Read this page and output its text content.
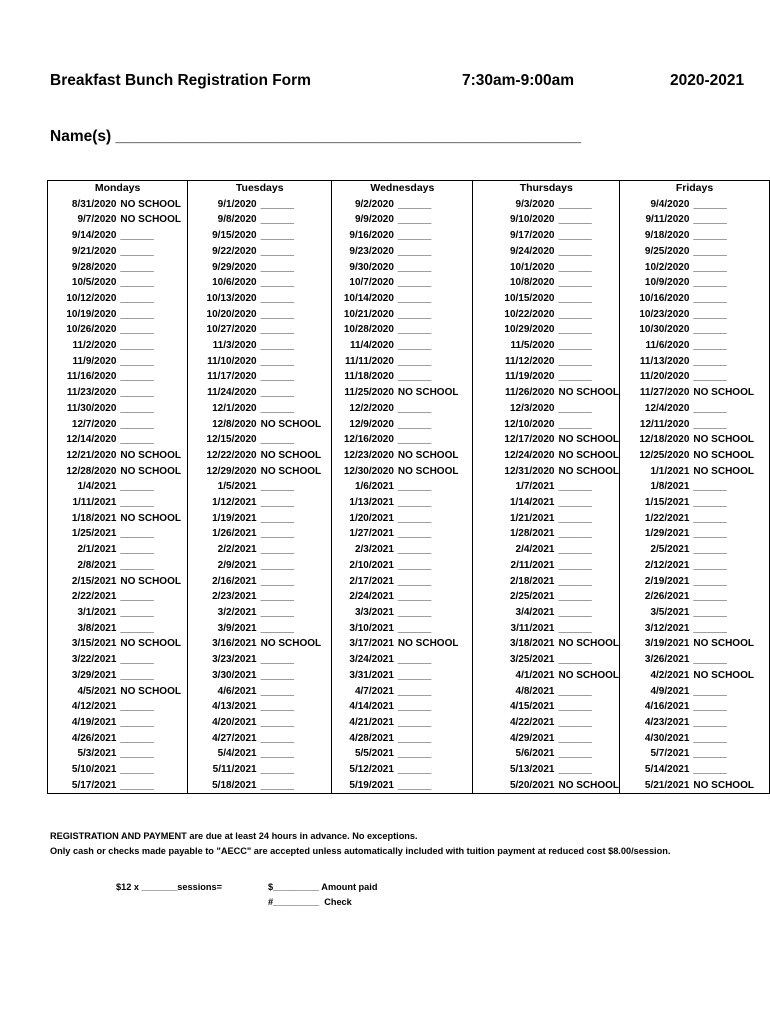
Breakfast Bunch Registration Form	7:30am-9:00am	2020-2021
Name(s) ______________________________________________________
Mondays		Tuesdays		Wednesdays		Thursdays		Fridays	
8/31/2020	NO SCHOOL	9/1/2020	______	9/2/2020	______	9/3/2020	______	9/4/2020	______
9/7/2020	NO SCHOOL	9/8/2020	______	9/9/2020	______	9/10/2020	______	9/11/2020	______
9/14/2020	______	9/15/2020	______	9/16/2020	______	9/17/2020	______	9/18/2020	______
9/21/2020	______	9/22/2020	______	9/23/2020	______	9/24/2020	______	9/25/2020	______
9/28/2020	______	9/29/2020	______	9/30/2020	______	10/1/2020	______	10/2/2020	______
10/5/2020	______	10/6/2020	______	10/7/2020	______	10/8/2020	______	10/9/2020	______
10/12/2020	______	10/13/2020	______	10/14/2020	______	10/15/2020	______	10/16/2020	______
10/19/2020	______	10/20/2020	______	10/21/2020	______	10/22/2020	______	10/23/2020	______
10/26/2020	______	10/27/2020	______	10/28/2020	______	10/29/2020	______	10/30/2020	______
11/2/2020	______	11/3/2020	______	11/4/2020	______	11/5/2020	______	11/6/2020	______
11/9/2020	______	11/10/2020	______	11/11/2020	______	11/12/2020	______	11/13/2020	______
11/16/2020	______	11/17/2020	______	11/18/2020	______	11/19/2020	______	11/20/2020	______
11/23/2020	______	11/24/2020	______	11/25/2020	NO SCHOOL	11/26/2020	NO SCHOOL	11/27/2020	NO SCHOOL
11/30/2020	______	12/1/2020	______	12/2/2020	______	12/3/2020	______	12/4/2020	______
12/7/2020	______	12/8/2020	NO SCHOOL	12/9/2020	______	12/10/2020	______	12/11/2020	______
12/14/2020	______	12/15/2020	______	12/16/2020	______	12/17/2020	NO SCHOOL	12/18/2020	NO SCHOOL
12/21/2020	NO SCHOOL	12/22/2020	NO SCHOOL	12/23/2020	NO SCHOOL	12/24/2020	NO SCHOOL	12/25/2020	NO SCHOOL
12/28/2020	NO SCHOOL	12/29/2020	NO SCHOOL	12/30/2020	NO SCHOOL	12/31/2020	NO SCHOOL	1/1/2021	NO SCHOOL
1/4/2021	______	1/5/2021	______	1/6/2021	______	1/7/2021	______	1/8/2021	______
1/11/2021	______	1/12/2021	______	1/13/2021	______	1/14/2021	______	1/15/2021	______
1/18/2021	NO SCHOOL	1/19/2021	______	1/20/2021	______	1/21/2021	______	1/22/2021	______
1/25/2021	______	1/26/2021	______	1/27/2021	______	1/28/2021	______	1/29/2021	______
2/1/2021	______	2/2/2021	______	2/3/2021	______	2/4/2021	______	2/5/2021	______
2/8/2021	______	2/9/2021	______	2/10/2021	______	2/11/2021	______	2/12/2021	______
2/15/2021	NO SCHOOL	2/16/2021	______	2/17/2021	______	2/18/2021	______	2/19/2021	______
2/22/2021	______	2/23/2021	______	2/24/2021	______	2/25/2021	______	2/26/2021	______
3/1/2021	______	3/2/2021	______	3/3/2021	______	3/4/2021	______	3/5/2021	______
3/8/2021	______	3/9/2021	______	3/10/2021	______	3/11/2021	______	3/12/2021	______
3/15/2021	NO SCHOOL	3/16/2021	NO SCHOOL	3/17/2021	NO SCHOOL	3/18/2021	NO SCHOOL	3/19/2021	NO SCHOOL
3/22/2021	______	3/23/2021	______	3/24/2021	______	3/25/2021	______	3/26/2021	______
3/29/2021	______	3/30/2021	______	3/31/2021	______	4/1/2021	NO SCHOOL	4/2/2021	NO SCHOOL
4/5/2021	NO SCHOOL	4/6/2021	______	4/7/2021	______	4/8/2021	______	4/9/2021	______
4/12/2021	______	4/13/2021	______	4/14/2021	______	4/15/2021	______	4/16/2021	______
4/19/2021	______	4/20/2021	______	4/21/2021	______	4/22/2021	______	4/23/2021	______
4/26/2021	______	4/27/2021	______	4/28/2021	______	4/29/2021	______	4/30/2021	______
5/3/2021	______	5/4/2021	______	5/5/2021	______	5/6/2021	______	5/7/2021	______
5/10/2021	______	5/11/2021	______	5/12/2021	______	5/13/2021	______	5/14/2021	______
5/17/2021	______	5/18/2021	______	5/19/2021	______	5/20/2021	NO SCHOOL	5/21/2021	NO SCHOOL
REGISTRATION AND PAYMENT are due at least 24 hours in advance. No exceptions.
Only cash or checks made payable to "AECC" are accepted unless automatically included with tuition payment at reduced cost $8.00/session.
$12 x _______sessions=	$_________ Amount paid
#_________  Check
